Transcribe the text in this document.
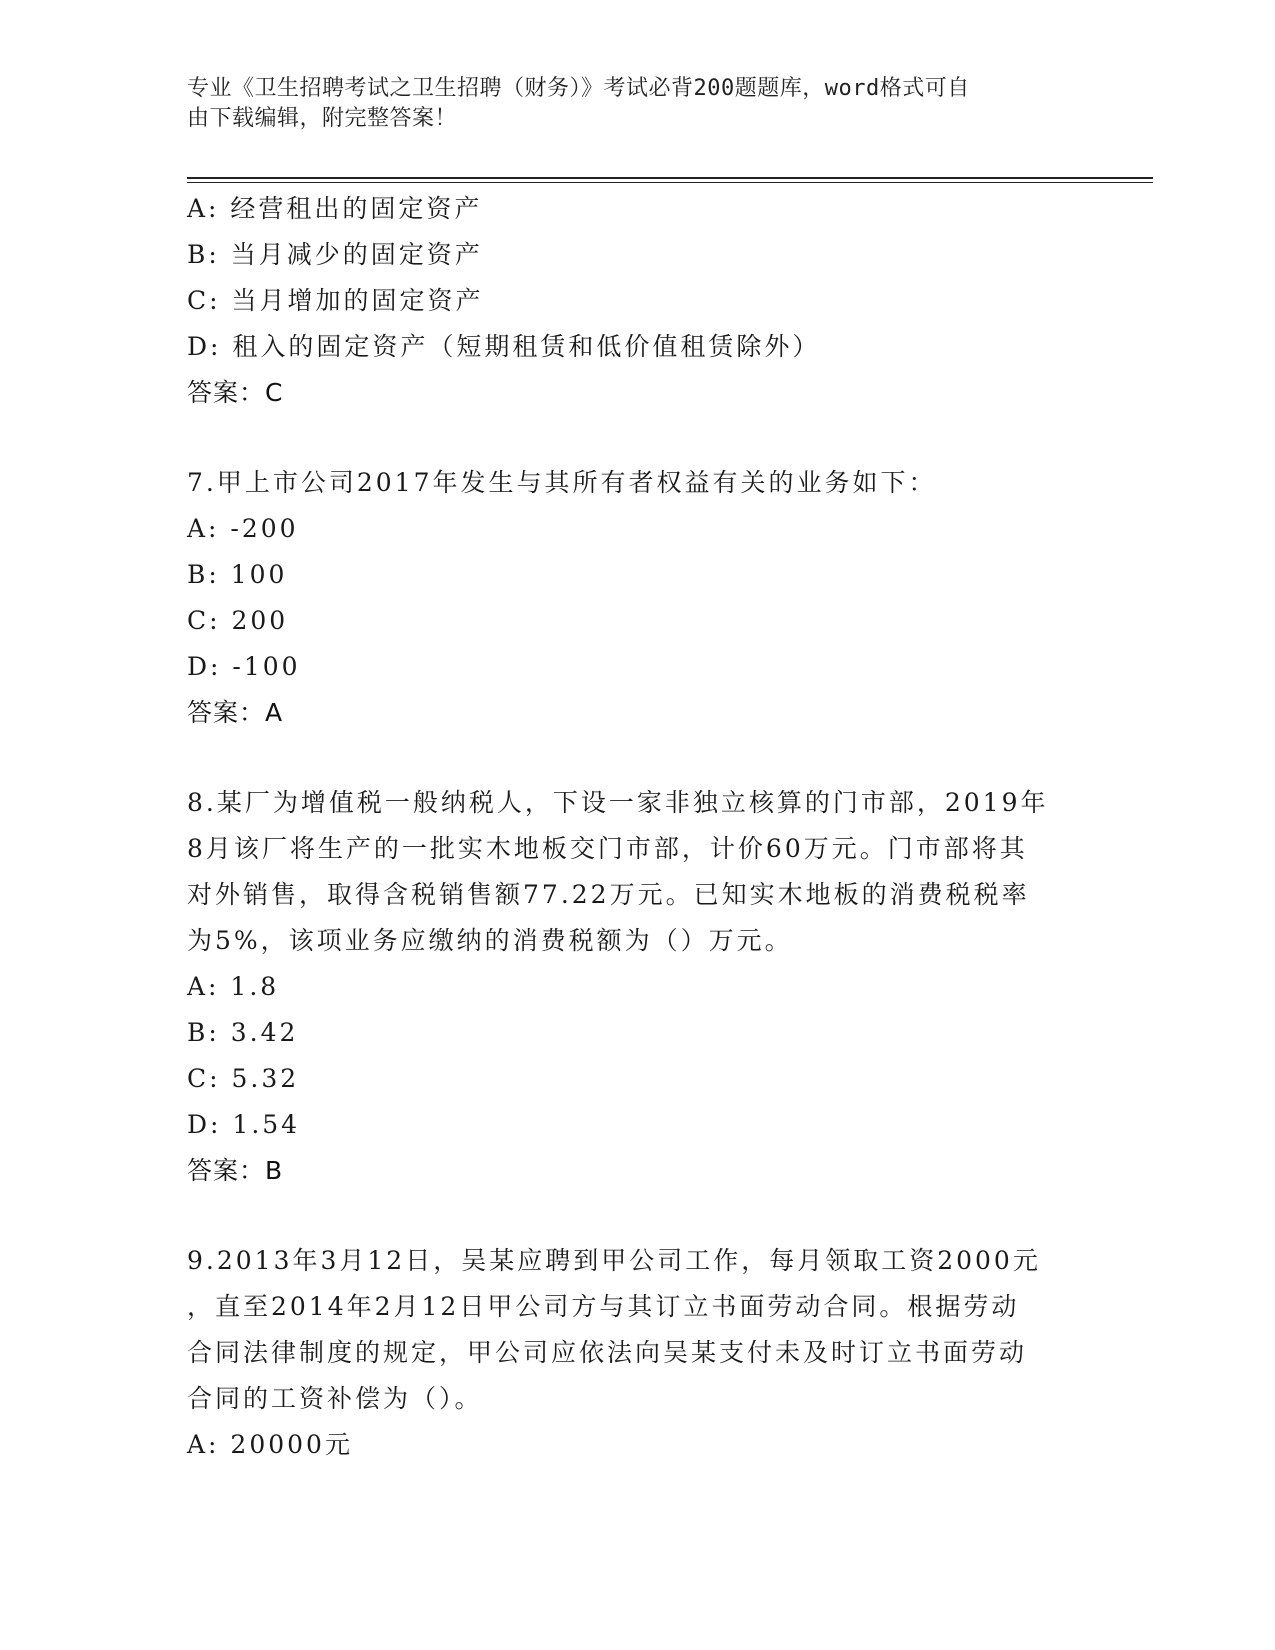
专业《卫生招聘考试之卫生招聘（财务）》考试必背200题题库，word格式可自
由下载编辑，附完整答案！
A: 经营租出的固定资产
B: 当月减少的固定资产
C: 当月增加的固定资产
D: 租入的固定资产（短期租赁和低价值租赁除外）
答案：C
7.甲上市公司2017年发生与其所有者权益有关的业务如下：
A: -200
B: 100
C: 200
D: -100
答案：A
8.某厂为增值税一般纳税人，下设一家非独立核算的门市部，2019年
8月该厂将生产的一批实木地板交门市部，计价60万元。门市部将其
对外销售，取得含税销售额77.22万元。已知实木地板的消费税税率
为5%，该项业务应缴纳的消费税额为（）万元。
A: 1.8
B: 3.42
C: 5.32
D: 1.54
答案：B
9.2013年3月12日，吴某应聘到甲公司工作，每月领取工资2000元
，直至2014年2月12日甲公司方与其订立书面劳动合同。根据劳动
合同法律制度的规定，甲公司应依法向吴某支付未及时订立书面劳动
合同的工资补偿为（）。
A: 20000元
